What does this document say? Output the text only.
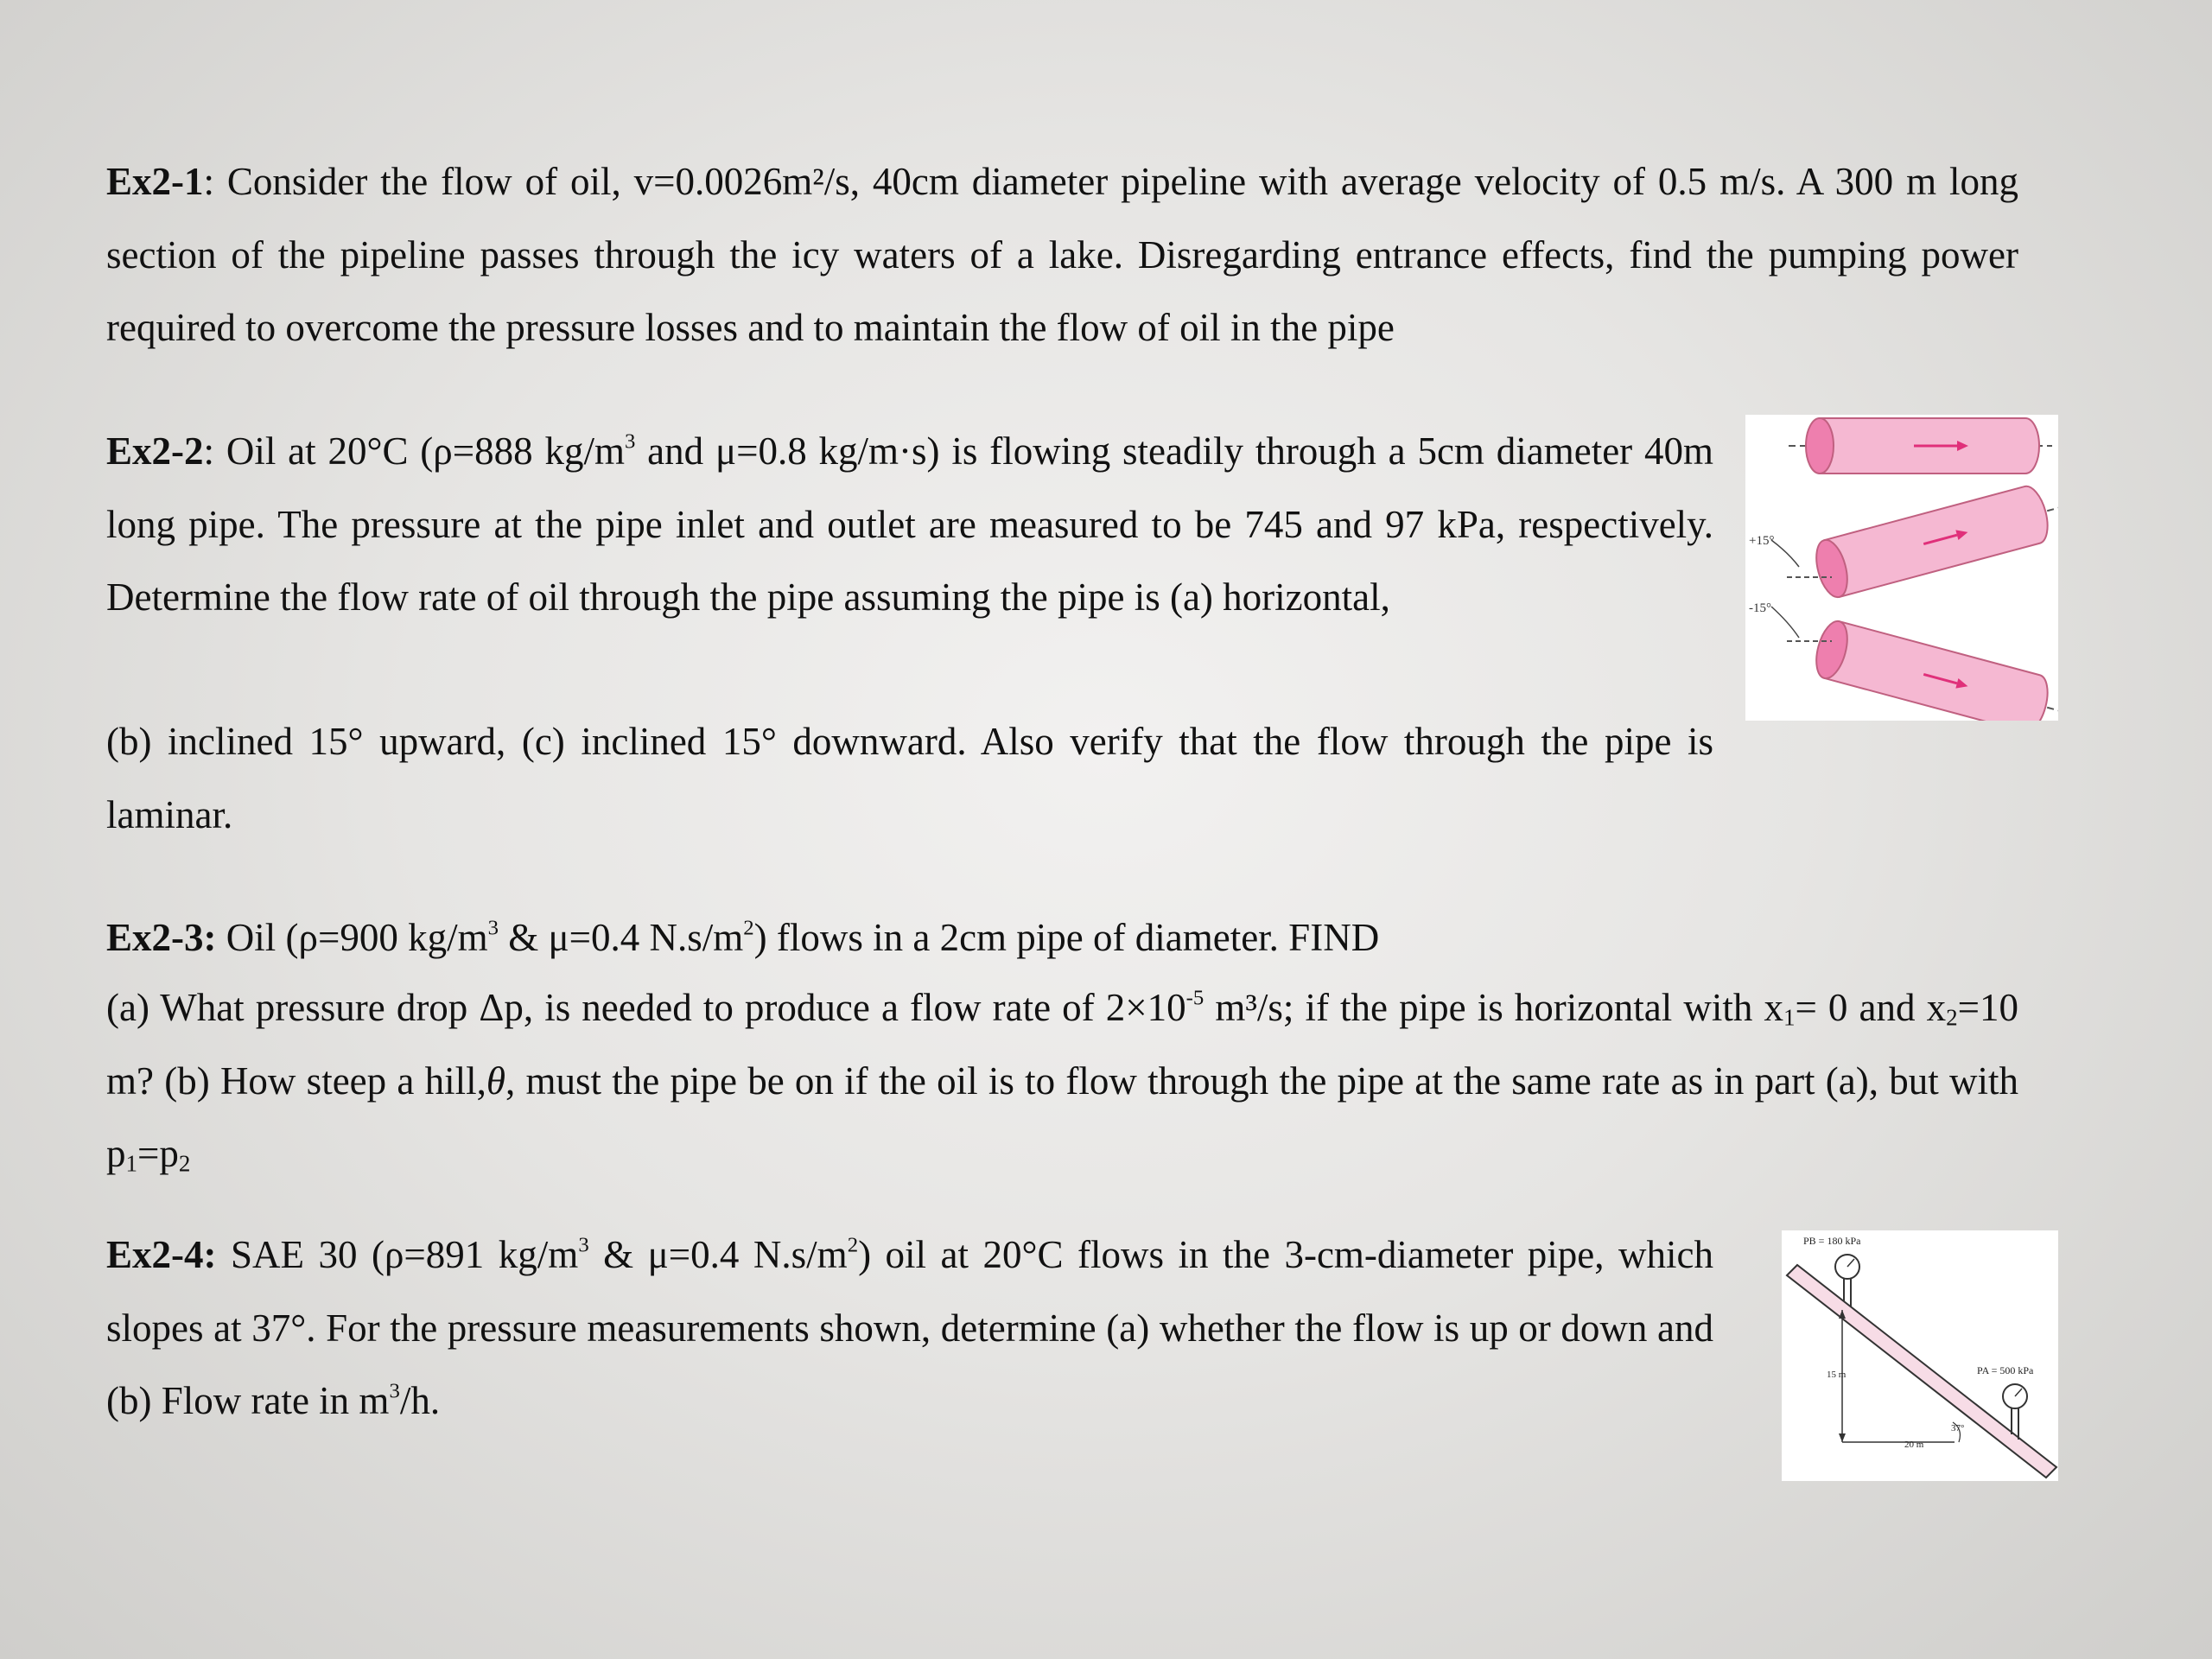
Ex2-1: Consider the flow of oil, v=0.0026m²/s, 40cm diameter pipeline with average velocity of 0.5 m/s. A 300 m long section of the pipeline passes through the icy waters of a lake. Disregarding entrance effects, find the pumping power required to overcome the pressure losses and to maintain the flow of oil in the pipe

Ex2-2: Oil at 20°C (ρ=888 $kg/m^3$ and μ=0.8 kg/m·s) is flowing steadily through a 5cm diameter 40m long pipe. The pressure at the pipe inlet and outlet are measured to be 745 and 97 kPa, respectively. Determine the flow rate of oil through the pipe assuming the pipe is (a) horizontal,

(b) inclined 15° upward, (c) inclined 15° downward. Also verify that the flow through the pipe is laminar.

+15°
-15°

Ex2-3: Oil (ρ=900 $kg/m^3$ & μ=0.4 $N.s/m^2$) flows in a 2cm pipe of diameter. FIND

(a) What pressure drop Δp, is needed to produce a flow rate of $2\times 10^{-5}$ m³/s; if the pipe is horizontal with $x_1= 0$ and $x_2=10$ m? (b) How steep a hill,θ, must the pipe be on if the oil is to flow through the pipe at the same rate as in part (a), but with $p_1=p_2$

Ex2-4: SAE 30 (ρ=891 $kg/m^3$ & μ=0.4 $N.s/m^2$) oil at 20°C flows in the 3-cm-diameter pipe, which slopes at 37°. For the pressure measurements shown, determine (a) whether the flow is up or down and (b) Flow rate in $m^3/h$.

PB = 180 kPa
PA = 500 kPa
15 m
20 m
37°
